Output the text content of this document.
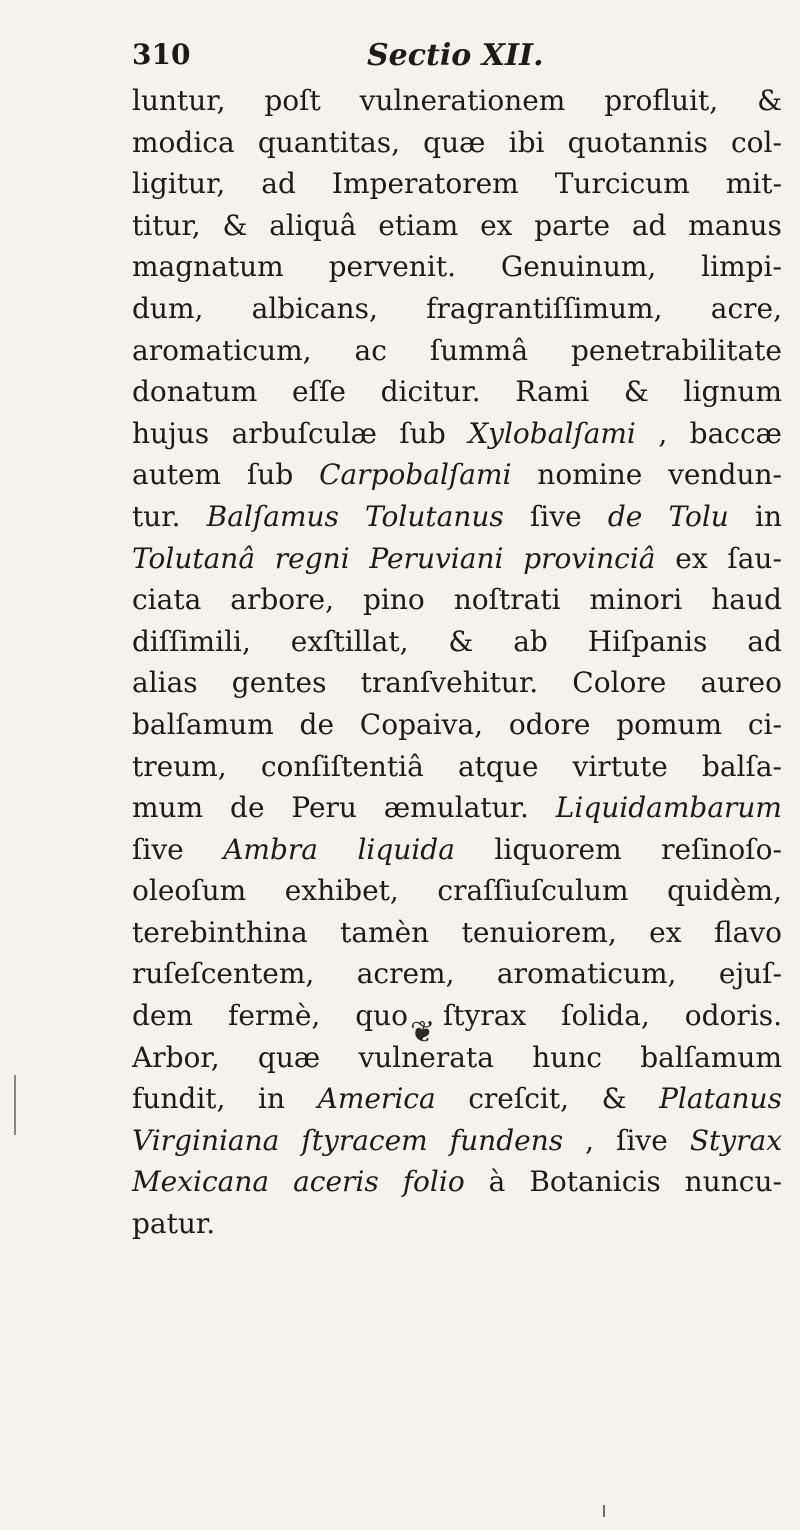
310	Sectio XII.
luntur, poſt vulnerationem profluit, &
modica quantitas, quæ ibi quotannis col-
ligitur, ad Imperatorem Turcicum mit-
titur, & aliquâ etiam ex parte ad manus
magnatum pervenit. Genuinum, limpi-
dum, albicans, fragrantiſſimum, acre,
aromaticum, ac ſummâ penetrabilitate
donatum eſſe dicitur. Rami & lignum
hujus arbuſculæ ſub Xylobalſami , baccæ
autem ſub Carpobalſami nomine vendun-
tur. Balſamus Tolutanus ſive de Tolu in
Tolutanâ regni Peruviani provinciâ ex ſau-
ciata arbore, pino noſtrati minori haud
diſſimili, exſtillat, & ab Hiſpanis ad
alias gentes tranſvehitur. Colore aureo
balſamum de Copaiva, odore pomum ci-
treum, conſiſtentiâ atque virtute balſa-
mum de Peru æmulatur. Liquidambarum
ſive Ambra liquida liquorem reſinoſo-
oleoſum exhibet, craſſiuſculum quidèm,
terebinthina tamèn tenuiorem, ex flavo
ruſeſcentem, acrem, aromaticum, ejuſ-
dem fermè, quo ſtyrax ſolida, odoris.
Arbor, quæ vulnerata hunc balſamum
fundit, in America creſcit, & Platanus
Virginiana ſtyracem fundens , ſive Styrax
Mexicana aceris folio à Botanicis nuncu-
patur.
❦
